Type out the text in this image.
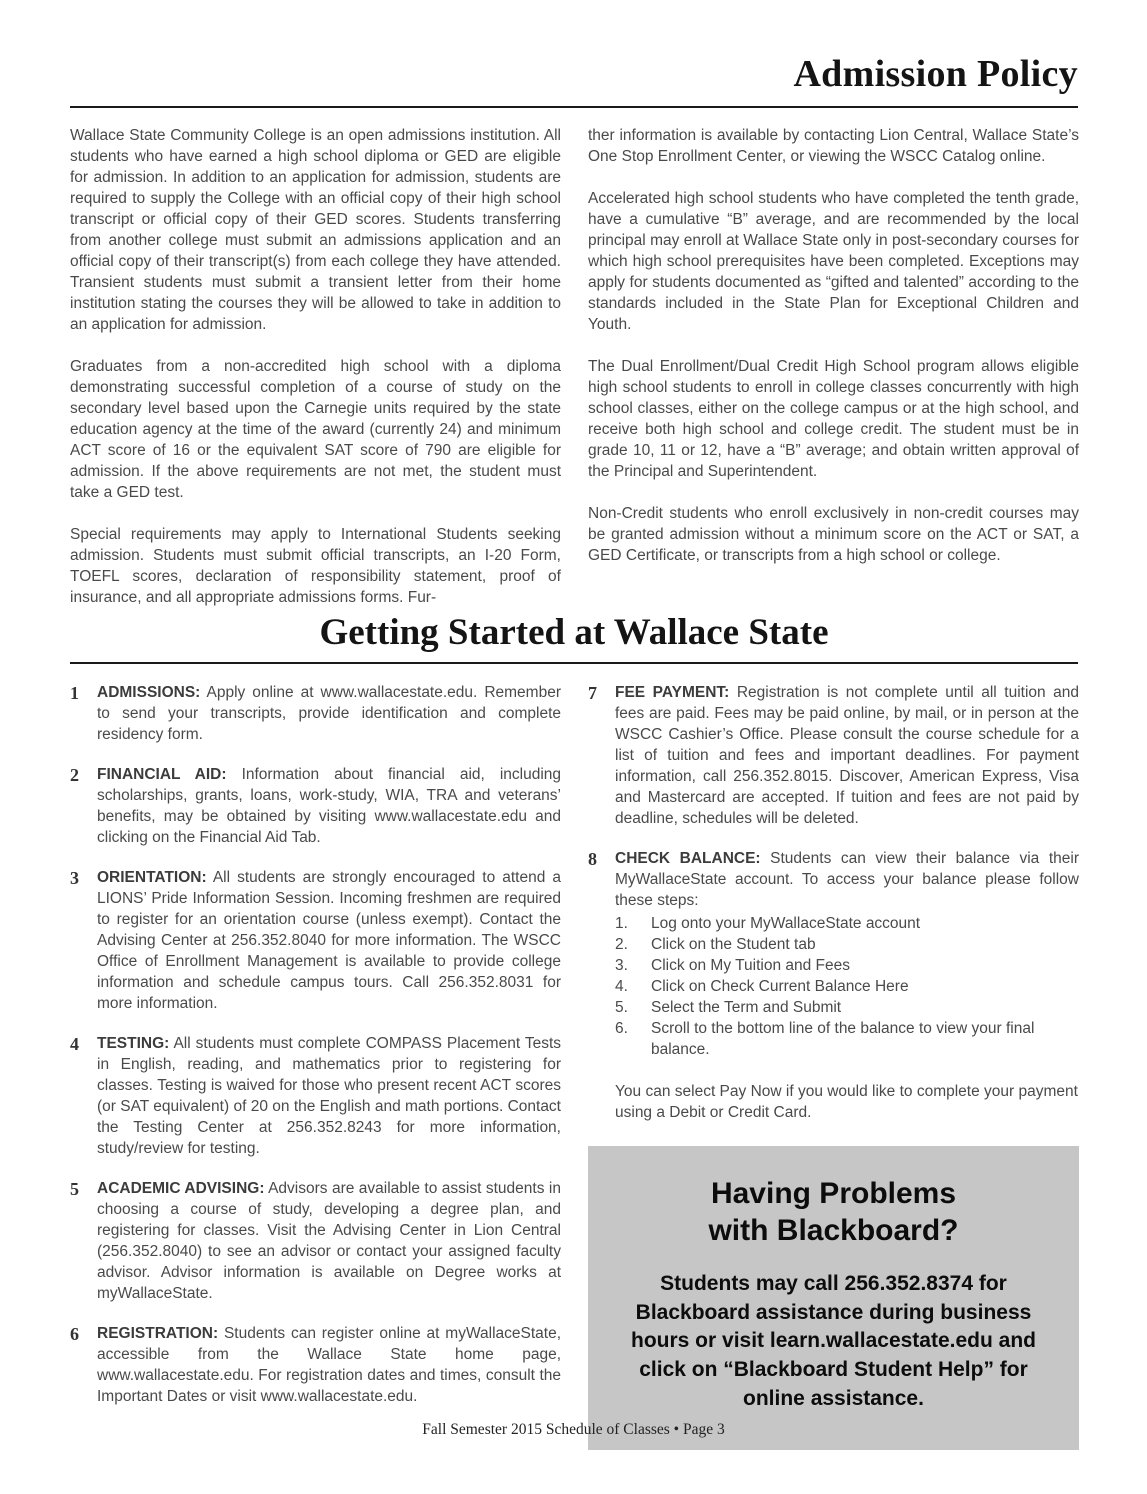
Admission Policy

Wallace State Community College is an open admissions institution. All students who have earned a high school diploma or GED are eligible for admission. In addition to an application for admission, students are required to supply the College with an official copy of their high school transcript or official copy of their GED scores. Students transferring from another college must submit an admissions application and an official copy of their transcript(s) from each college they have attended. Transient students must submit a transient letter from their home institution stating the courses they will be allowed to take in addition to an application for admission.

Graduates from a non-accredited high school with a diploma demonstrating successful completion of a course of study on the secondary level based upon the Carnegie units required by the state education agency at the time of the award (currently 24) and minimum ACT score of 16 or the equivalent SAT score of 790 are eligible for admission. If the above requirements are not met, the student must take a GED test.

Special requirements may apply to International Students seeking admission. Students must submit official transcripts, an I-20 Form, TOEFL scores, declaration of responsibility statement, proof of insurance, and all appropriate admissions forms. Fur-

ther information is available by contacting Lion Central, Wallace State’s One Stop Enrollment Center, or viewing the WSCC Catalog online.

Accelerated high school students who have completed the tenth grade, have a cumulative “B” average, and are recommended by the local principal may enroll at Wallace State only in post-secondary courses for which high school prerequisites have been completed. Exceptions may apply for students documented as “gifted and talented” according to the standards included in the State Plan for Exceptional Children and Youth.

The Dual Enrollment/Dual Credit High School program allows eligible high school students to enroll in college classes concurrently with high school classes, either on the college campus or at the high school, and receive both high school and college credit. The student must be in grade 10, 11 or 12, have a “B” average; and obtain written approval of the Principal and Superintendent.

Non-Credit students who enroll exclusively in non-credit courses may be granted admission without a minimum score on the ACT or SAT, a GED Certificate, or transcripts from a high school or college.

Getting Started at Wallace State
1	ADMISSIONS: Apply online at www.wallacestate.edu. Remember to send your transcripts, provide identification and complete residency form.

2	FINANCIAL AID: Information about financial aid, including scholarships, grants, loans, work-study, WIA, TRA and veterans’ benefits, may be obtained by visiting www.wallacestate.edu and clicking on the Financial Aid Tab.

3	ORIENTATION: All students are strongly encouraged to attend a LIONS’ Pride Information Session. Incoming freshmen are required to register for an orientation course (unless exempt). Contact the Advising Center at 256.352.8040 for more information. The WSCC Office of Enrollment Management is available to provide college information and schedule campus tours. Call 256.352.8031 for more information.

4	TESTING: All students must complete COMPASS Placement Tests in English, reading, and mathematics prior to registering for classes. Testing is waived for those who present recent ACT scores (or SAT equivalent) of 20 on the English and math portions. Contact the Testing Center at 256.352.8243 for more information, study/review for testing.

5	ACADEMIC ADVISING: Advisors are available to assist students in choosing a course of study, developing a degree plan, and registering for classes. Visit the Advising Center in Lion Central (256.352.8040) to see an advisor or contact your assigned faculty advisor. Advisor information is available on Degree works at myWallaceState.

6	REGISTRATION: Students can register online at myWallaceState, accessible from the Wallace State home page, www.wallacestate.edu. For registration dates and times, consult the Important Dates or visit www.wallacestate.edu.

7	FEE PAYMENT: Registration is not complete until all tuition and fees are paid. Fees may be paid online, by mail, or in person at the WSCC Cashier’s Office. Please consult the course schedule for a list of tuition and fees and important deadlines. For payment information, call 256.352.8015. Discover, American Express, Visa and Mastercard are accepted. If tuition and fees are not paid by deadline, schedules will be deleted.

8	CHECK BALANCE: Students can view their balance via their MyWallaceState account. To access your balance please follow these steps:

1.	Log onto your MyWallaceState account
2.	Click on the Student tab
3.	Click on My Tuition and Fees
4.	Click on Check Current Balance Here
5.	Select the Term and Submit
6.	Scroll to the bottom line of the balance to view your final balance.

You can select Pay Now if you would like to complete your payment using a Debit or Credit Card.

Having Problems
with Blackboard?

Students may call 256.352.8374 for Blackboard assistance during business hours or visit learn.wallacestate.edu and click on “Blackboard Student Help” for online assistance.

Fall Semester 2015 Schedule of Classes • Page 3
